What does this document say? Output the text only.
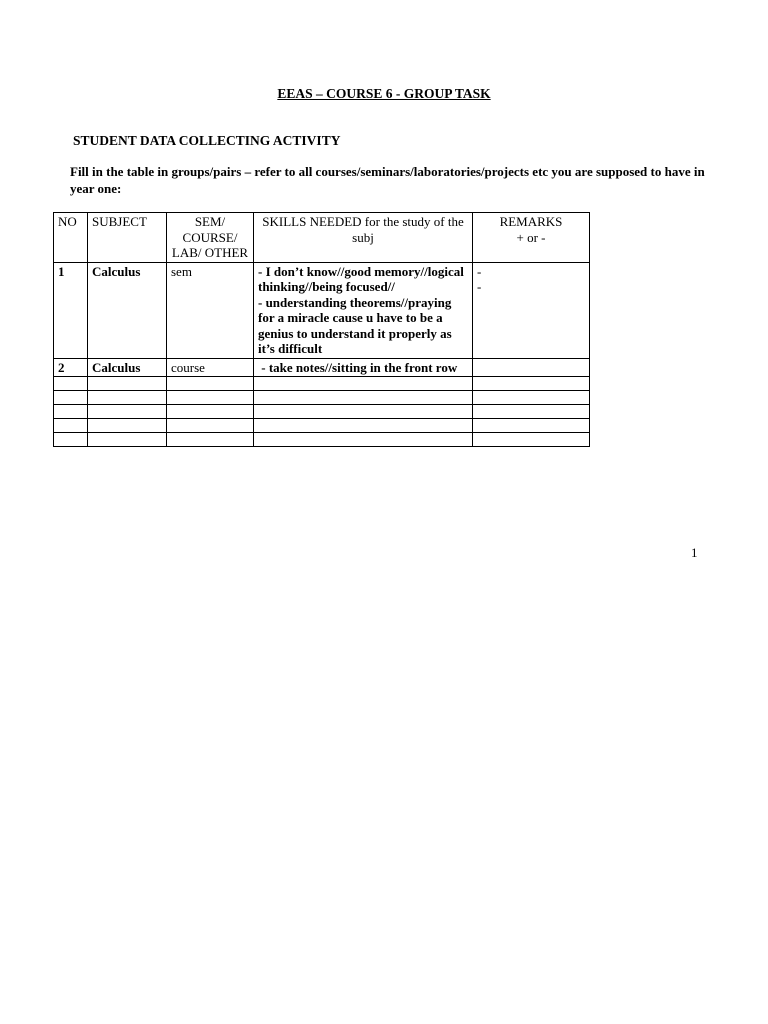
EEAS – COURSE 6 - GROUP TASK
STUDENT DATA COLLECTING ACTIVITY
Fill in the table in groups/pairs – refer to all courses/seminars/laboratories/projects etc you are supposed to have in year one:
NO	SUBJECT	SEM/ COURSE/ LAB/ OTHER	SKILLS NEEDED for the study of the subj	REMARKS
+ or -

1	Calculus	sem	- I don’t know//good memory//logical thinking//being focused//
- understanding theorems//praying for a miracle cause u have to be a genius to understand it properly as it’s difficult	-
-
2	Calculus	course	- take notes//sitting in the front row	

1
